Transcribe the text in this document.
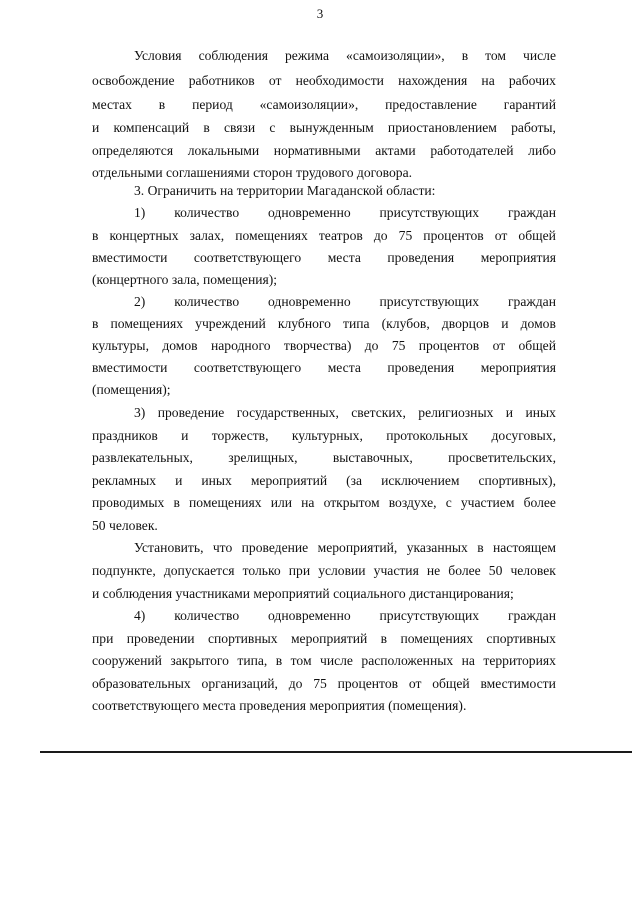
3
Условия соблюдения режима «самоизоляции», в том числе
освобождение работников от необходимости нахождения на рабочих
местах в период «самоизоляции», предоставление гарантий
и компенсаций в связи с вынужденным приостановлением работы,
определяются локальными нормативными актами работодателей либо
отдельными соглашениями сторон трудового договора.
3. Ограничить на территории Магаданской области:
1) количество одновременно присутствующих граждан
в концертных залах, помещениях театров до 75 процентов от общей
вместимости соответствующего места проведения мероприятия
(концертного зала, помещения);
2) количество одновременно присутствующих граждан
в помещениях учреждений клубного типа (клубов, дворцов и домов
культуры, домов народного творчества) до 75 процентов от общей
вместимости соответствующего места проведения мероприятия
(помещения);
3) проведение государственных, светских, религиозных и иных
праздников и торжеств, культурных, протокольных досуговых,
развлекательных,	зрелищных,	выставочных,	просветительских,
рекламных и иных мероприятий (за исключением спортивных),
проводимых в помещениях или на открытом воздухе, с участием более
50 человек.
Установить, что проведение мероприятий, указанных в настоящем
подпункте, допускается только при условии участия не более 50 человек
и соблюдения участниками мероприятий социального дистанцирования;
4) количество одновременно присутствующих граждан
при проведении спортивных мероприятий в помещениях спортивных
сооружений закрытого типа, в том числе расположенных на территориях
образовательных организаций, до 75 процентов от общей вместимости
соответствующего места проведения мероприятия (помещения).
